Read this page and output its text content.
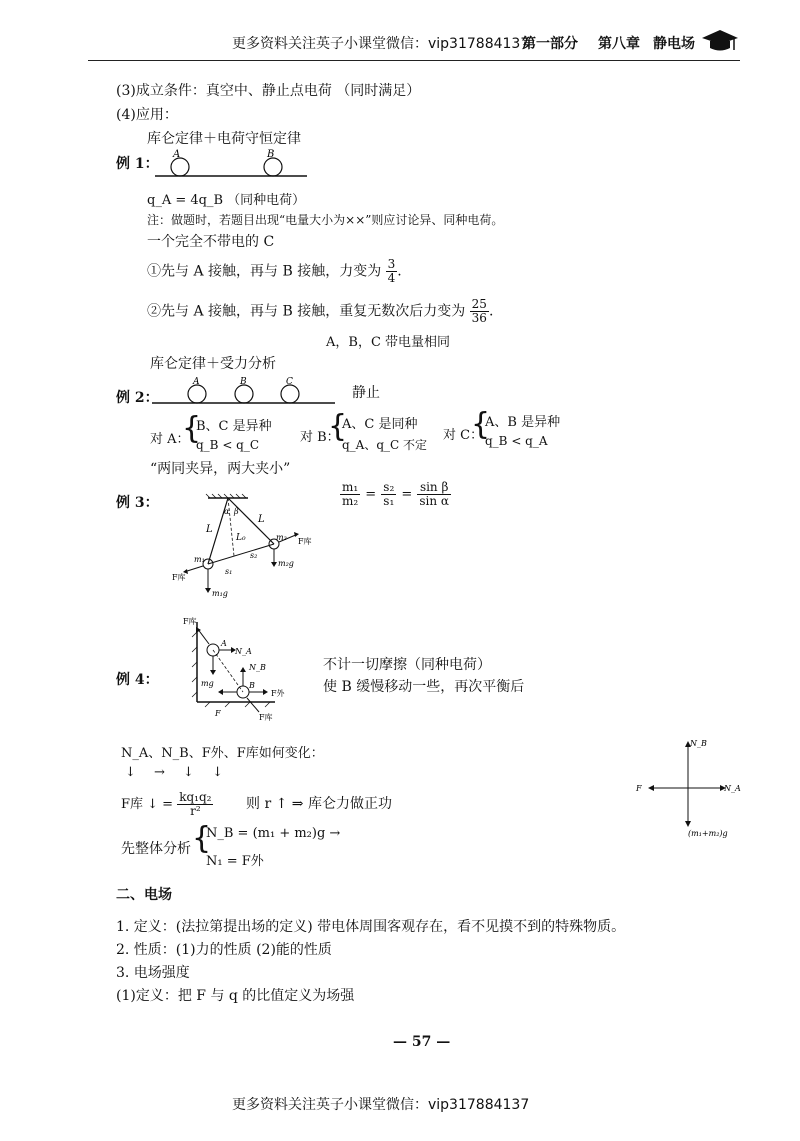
更多资料关注英子小课堂微信：vip317884137
第一部分 第八章 静电场
(3)成立条件：真空中、静止点电荷 （同时满足）
(4)应用：
库仑定律＋电荷守恒定律
例 1：
A	B
q_A = 4q_B （同种电荷）
注：做题时，若题目出现“电量大小为××”则应讨论异、同种电荷。
一个完全不带电的 C
①先与 A 接触，再与 B 接触，力变为 $\frac{3}{4}$ .
②先与 A 接触，再与 B 接触，重复无数次后力变为 $\frac{25}{36}$ .
A，B，C 带电量相同
库仑定律＋受力分析
例 2：
A	B	C
静止
对 A：
{
B、C 是异种
q_B < q_C	对 B：
{
A、C 是同种
q_A、q_C 不定
对 C：
{
A、B 是异种
q_B < q_A
“两同夹异，两大夹小”
例 3：
L
L
L₀
s₁
s₂
α β
m₁
m₂
m₁g
m₂g
F库
F库
$\frac{\text{m₁}}{\text{m₂}} = \frac{\text{s₂}}{\text{s₁}} = \frac{\text{sin β}}{\text{sin α}}$
例 4：
F库
A
N_A
mg
N_B
B
F外
F	F库
不计一切摩擦（同种电荷）
使 B 缓慢移动一些，再次平衡后
N_A、N_B、F外、F库如何变化：
↓ → ↓ ↓
F库 ↓ = $\frac{\text{kq₁q₂}}{\text{r²}}$ 则 r ↑ ⇒ 库仑力做正功
先整体分析 {
N_B = (m₁ + m₂)g →
N₁ = F外
N_B
N_A
F
(m₁+m₂)g
二、电场
1. 定义：(法拉第提出场的定义) 带电体周围客观存在，看不见摸不到的特殊物质。
2. 性质：(1)力的性质 (2)能的性质
3. 电场强度
(1)定义：把 F 与 q 的比值定义为场强
— 57 —
更多资料关注英子小课堂微信：vip317884137
